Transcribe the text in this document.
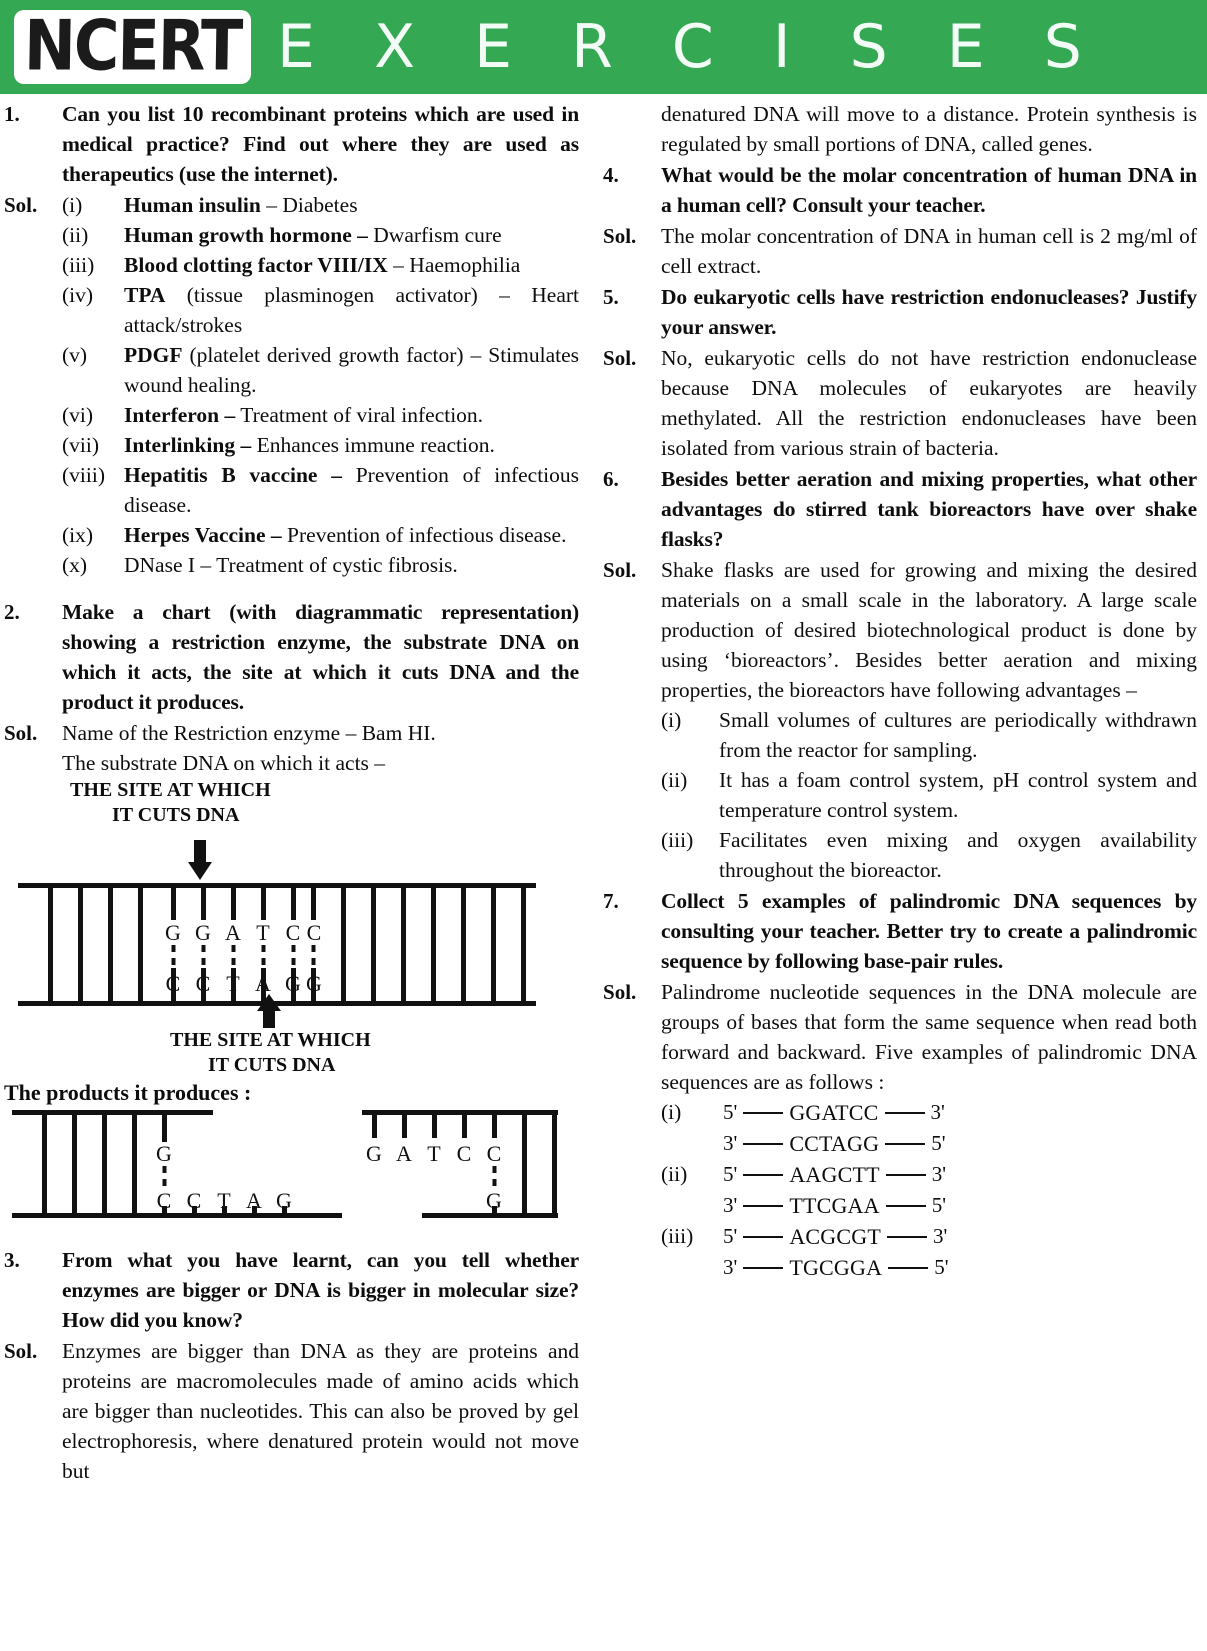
NCERT E X E R C I S E S
1.	Can you list 10 recombinant proteins which are used in medical practice? Find out where they are used as therapeutics (use the internet).
Sol.	(i)	Human insulin – Diabetes
(ii)	Human growth hormone – Dwarfism cure
(iii)	Blood clotting factor VIII/IX – Haemophilia
(iv)	TPA (tissue plasminogen activator) – Heart attack/strokes
(v)	PDGF (platelet derived growth factor) – Stimulates wound healing.
(vi)	Interferon – Treatment of viral infection.
(vii)	Interlinking – Enhances immune reaction.
(viii) Hepatitis B vaccine – Prevention of infectious disease.
(ix)	Herpes Vaccine – Prevention of infectious disease.
(x)	DNase I – Treatment of cystic fibrosis.
2.	Make a chart (with diagrammatic representation) showing a restriction enzyme, the substrate DNA on which it acts, the site at which it cuts DNA and the product it produces.
Sol.	Name of the Restriction enzyme – Bam HI.
The substrate DNA on which it acts –
THE SITE AT WHICH
IT CUTS DNA
G G A T C C
C C T A G G
THE SITE AT WHICH
IT CUTS DNA
The products it produces :
G
C C T A G
G A T C C
G
3.	From what you have learnt, can you tell whether enzymes are bigger or DNA is bigger in molecular size? How did you know?
Sol.	Enzymes are bigger than DNA as they are proteins and proteins are macromolecules made of amino acids which are bigger than nucleotides. This can also be proved by gel electrophoresis, where denatured protein would not move but
denatured DNA will move to a distance. Protein synthesis is regulated by small portions of DNA, called genes.
4.	What would be the molar concentration of human DNA in a human cell? Consult your teacher.
Sol.	The molar concentration of DNA in human cell is 2 mg/ml of cell extract.
5.	Do eukaryotic cells have restriction endonucleases? Justify your answer.
Sol.	No, eukaryotic cells do not have restriction endonuclease because DNA molecules of eukaryotes are heavily methylated. All the restriction endonucleases have been isolated from various strain of bacteria.
6.	Besides better aeration and mixing properties, what other advantages do stirred tank bioreactors have over shake flasks?
Sol.	Shake flasks are used for growing and mixing the desired materials on a small scale in the laboratory. A large scale production of desired biotechnological product is done by using ‘bioreactors’. Besides better aeration and mixing properties, the bioreactors have following advantages –
(i)	Small volumes of cultures are periodically withdrawn from the reactor for sampling.
(ii)	It has a foam control system, pH control system and temperature control system.
(iii)	Facilitates even mixing and oxygen availability throughout the bioreactor.
7.	Collect 5 examples of palindromic DNA sequences by consulting your teacher. Better try to create a palindromic sequence by following base-pair rules.
Sol.	Palindrome nucleotide sequences in the DNA molecule are groups of bases that form the same sequence when read both forward and backward. Five examples of palindromic DNA sequences are as follows :
(i)	5' GGATCC 3'
3' CCTAGG 5'
(ii)	5' AAGCTT 3'
3' TTCGAA 5'
(iii)	5' ACGCGT 3'
3' TGCGGA 5'
